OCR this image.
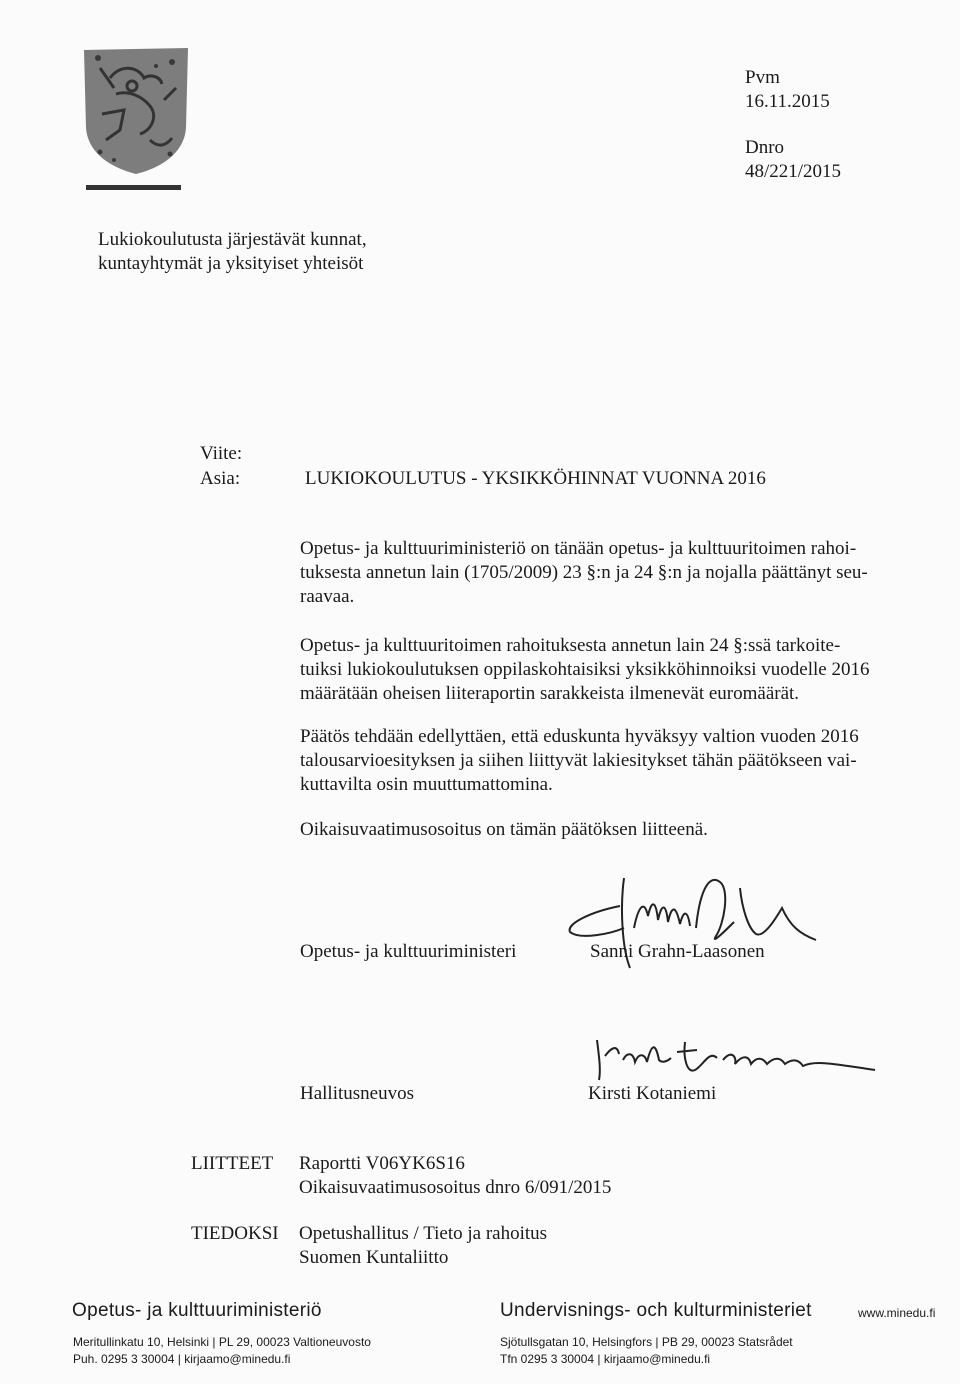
Pvm
16.11.2015
Dnro
48/221/2015
Lukiokoulutusta järjestävät kunnat,
kuntayhtymät ja yksityiset yhteisöt
Viite:
Asia:	LUKIOKOULUTUS - YKSIKKÖHINNAT VUONNA 2016
Opetus- ja kulttuuriministeriö on tänään opetus- ja kulttuuritoimen rahoi-
tuksesta annetun lain (1705/2009) 23 §:n ja 24 §:n ja nojalla päättänyt seu-
raavaa.
Opetus- ja kulttuuritoimen rahoituksesta annetun lain 24 §:ssä tarkoite-
tuiksi lukiokoulutuksen oppilaskohtaisiksi yksikköhinnoiksi vuodelle 2016
määrätään oheisen liiteraportin sarakkeista ilmenevät euromäärät.
Päätös tehdään edellyttäen, että eduskunta hyväksyy valtion vuoden 2016
talousarvioesityksen ja siihen liittyvät lakiesitykset tähän päätökseen vai-
kuttavilta osin muuttumattomina.
Oikaisuvaatimusosoitus on tämän päätöksen liitteenä.
Opetus- ja kulttuuriministeri	Sanni Grahn-Laasonen
Hallitusneuvos	Kirsti Kotaniemi
LIITTEET Raportti V06YK6S16
Oikaisuvaatimusosoitus dnro 6/091/2015
TIEDOKSI Opetushallitus / Tieto ja rahoitus
Suomen Kuntaliitto
Opetus- ja kulttuuriministeriö	Undervisnings- och kulturministeriet	www.minedu.fi
Meritullinkatu 10, Helsinki | PL 29, 00023 Valtioneuvosto
Puh. 0295 3 30004 | kirjaamo@minedu.fi
Sjötullsgatan 10, Helsingfors | PB 29, 00023 Statsrådet
Tfn 0295 3 30004 | kirjaamo@minedu.fi
